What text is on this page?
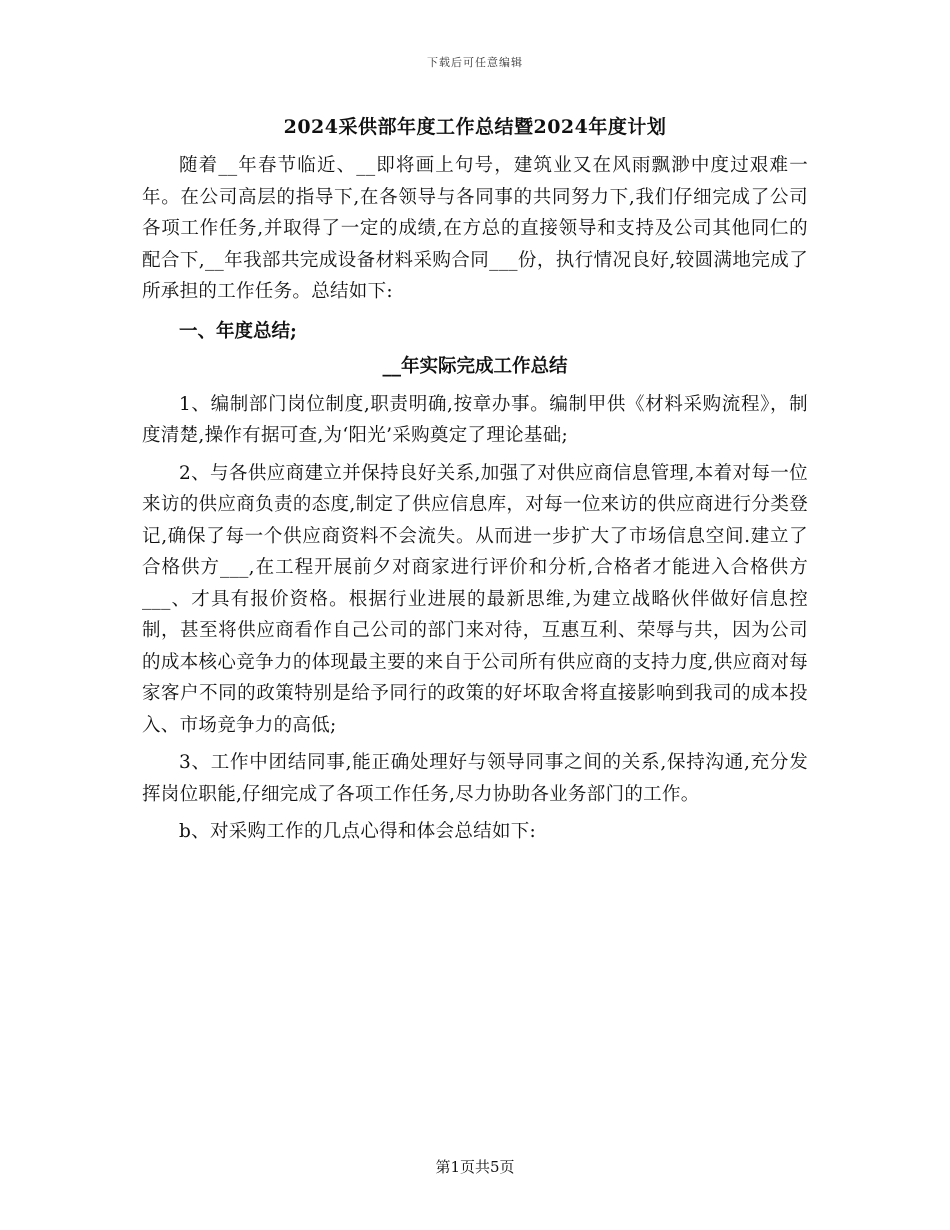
下载后可任意编辑
2024采供部年度工作总结暨2024年度计划

随着__年春节临近、__即将画上句号，建筑业又在风雨飘渺中度过艰难一年。在公司高层的指导下,在各领导与各同事的共同努力下,我们仔细完成了公司各项工作任务,并取得了一定的成绩,在方总的直接领导和支持及公司其他同仁的配合下,__年我部共完成设备材料采购合同___份，执行情况良好,较圆满地完成了所承担的工作任务。总结如下:

一、年度总结;
__年实际完成工作总结

1、编制部门岗位制度,职责明确,按章办事。编制甲供《材料采购流程》，制度清楚,操作有据可查,为‘阳光’采购奠定了理论基础;

2、与各供应商建立并保持良好关系,加强了对供应商信息管理,本着对每一位来访的供应商负责的态度,制定了供应信息库，对每一位来访的供应商进行分类登记,确保了每一个供应商资料不会流失。从而进一步扩大了市场信息空间.建立了合格供方___,在工程开展前夕对商家进行评价和分析,合格者才能进入合格供方___、才具有报价资格。根据行业进展的最新思维,为建立战略伙伴做好信息控制，甚至将供应商看作自己公司的部门来对待，互惠互利、荣辱与共，因为公司的成本核心竞争力的体现最主要的来自于公司所有供应商的支持力度,供应商对每家客户不同的政策特别是给予同行的政策的好坏取舍将直接影响到我司的成本投入、市场竞争力的高低;

3、工作中团结同事,能正确处理好与领导同事之间的关系,保持沟通,充分发挥岗位职能,仔细完成了各项工作任务,尽力协助各业务部门的工作。

b、对采购工作的几点心得和体会总结如下:

第1页共5页
